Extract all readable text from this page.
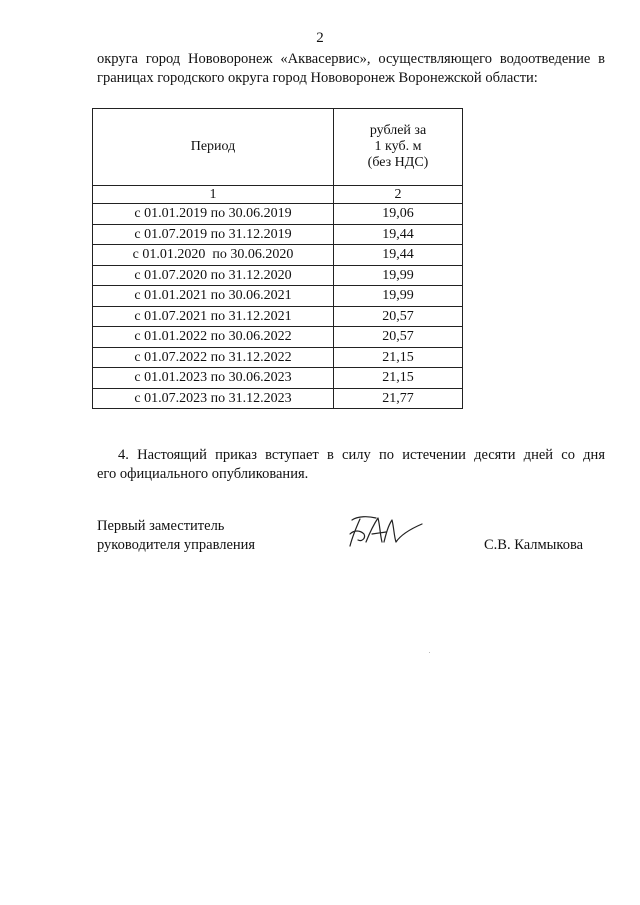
2
округа город Нововоронеж «Аквасервис», осуществляющего водоотведение в
границах городского округа город Нововоронеж Воронежской области:
Период	рублей за
1 куб. м
(без НДС)
1	2
с 01.01.2019 по 30.06.2019	19,06
с 01.07.2019 по 31.12.2019	19,44
с 01.01.2020  по 30.06.2020	19,44
с 01.07.2020 по 31.12.2020	19,99
с 01.01.2021 по 30.06.2021	19,99
с 01.07.2021 по 31.12.2021	20,57
с 01.01.2022 по 30.06.2022	20,57
с 01.07.2022 по 31.12.2022	21,15
с 01.01.2023 по 30.06.2023	21,15
с 01.07.2023 по 31.12.2023	21,77
4. Настоящий приказ вступает в силу по истечении десяти дней со дня
его официального опубликования.
Первый заместитель
руководителя управления	С.В. Калмыкова
